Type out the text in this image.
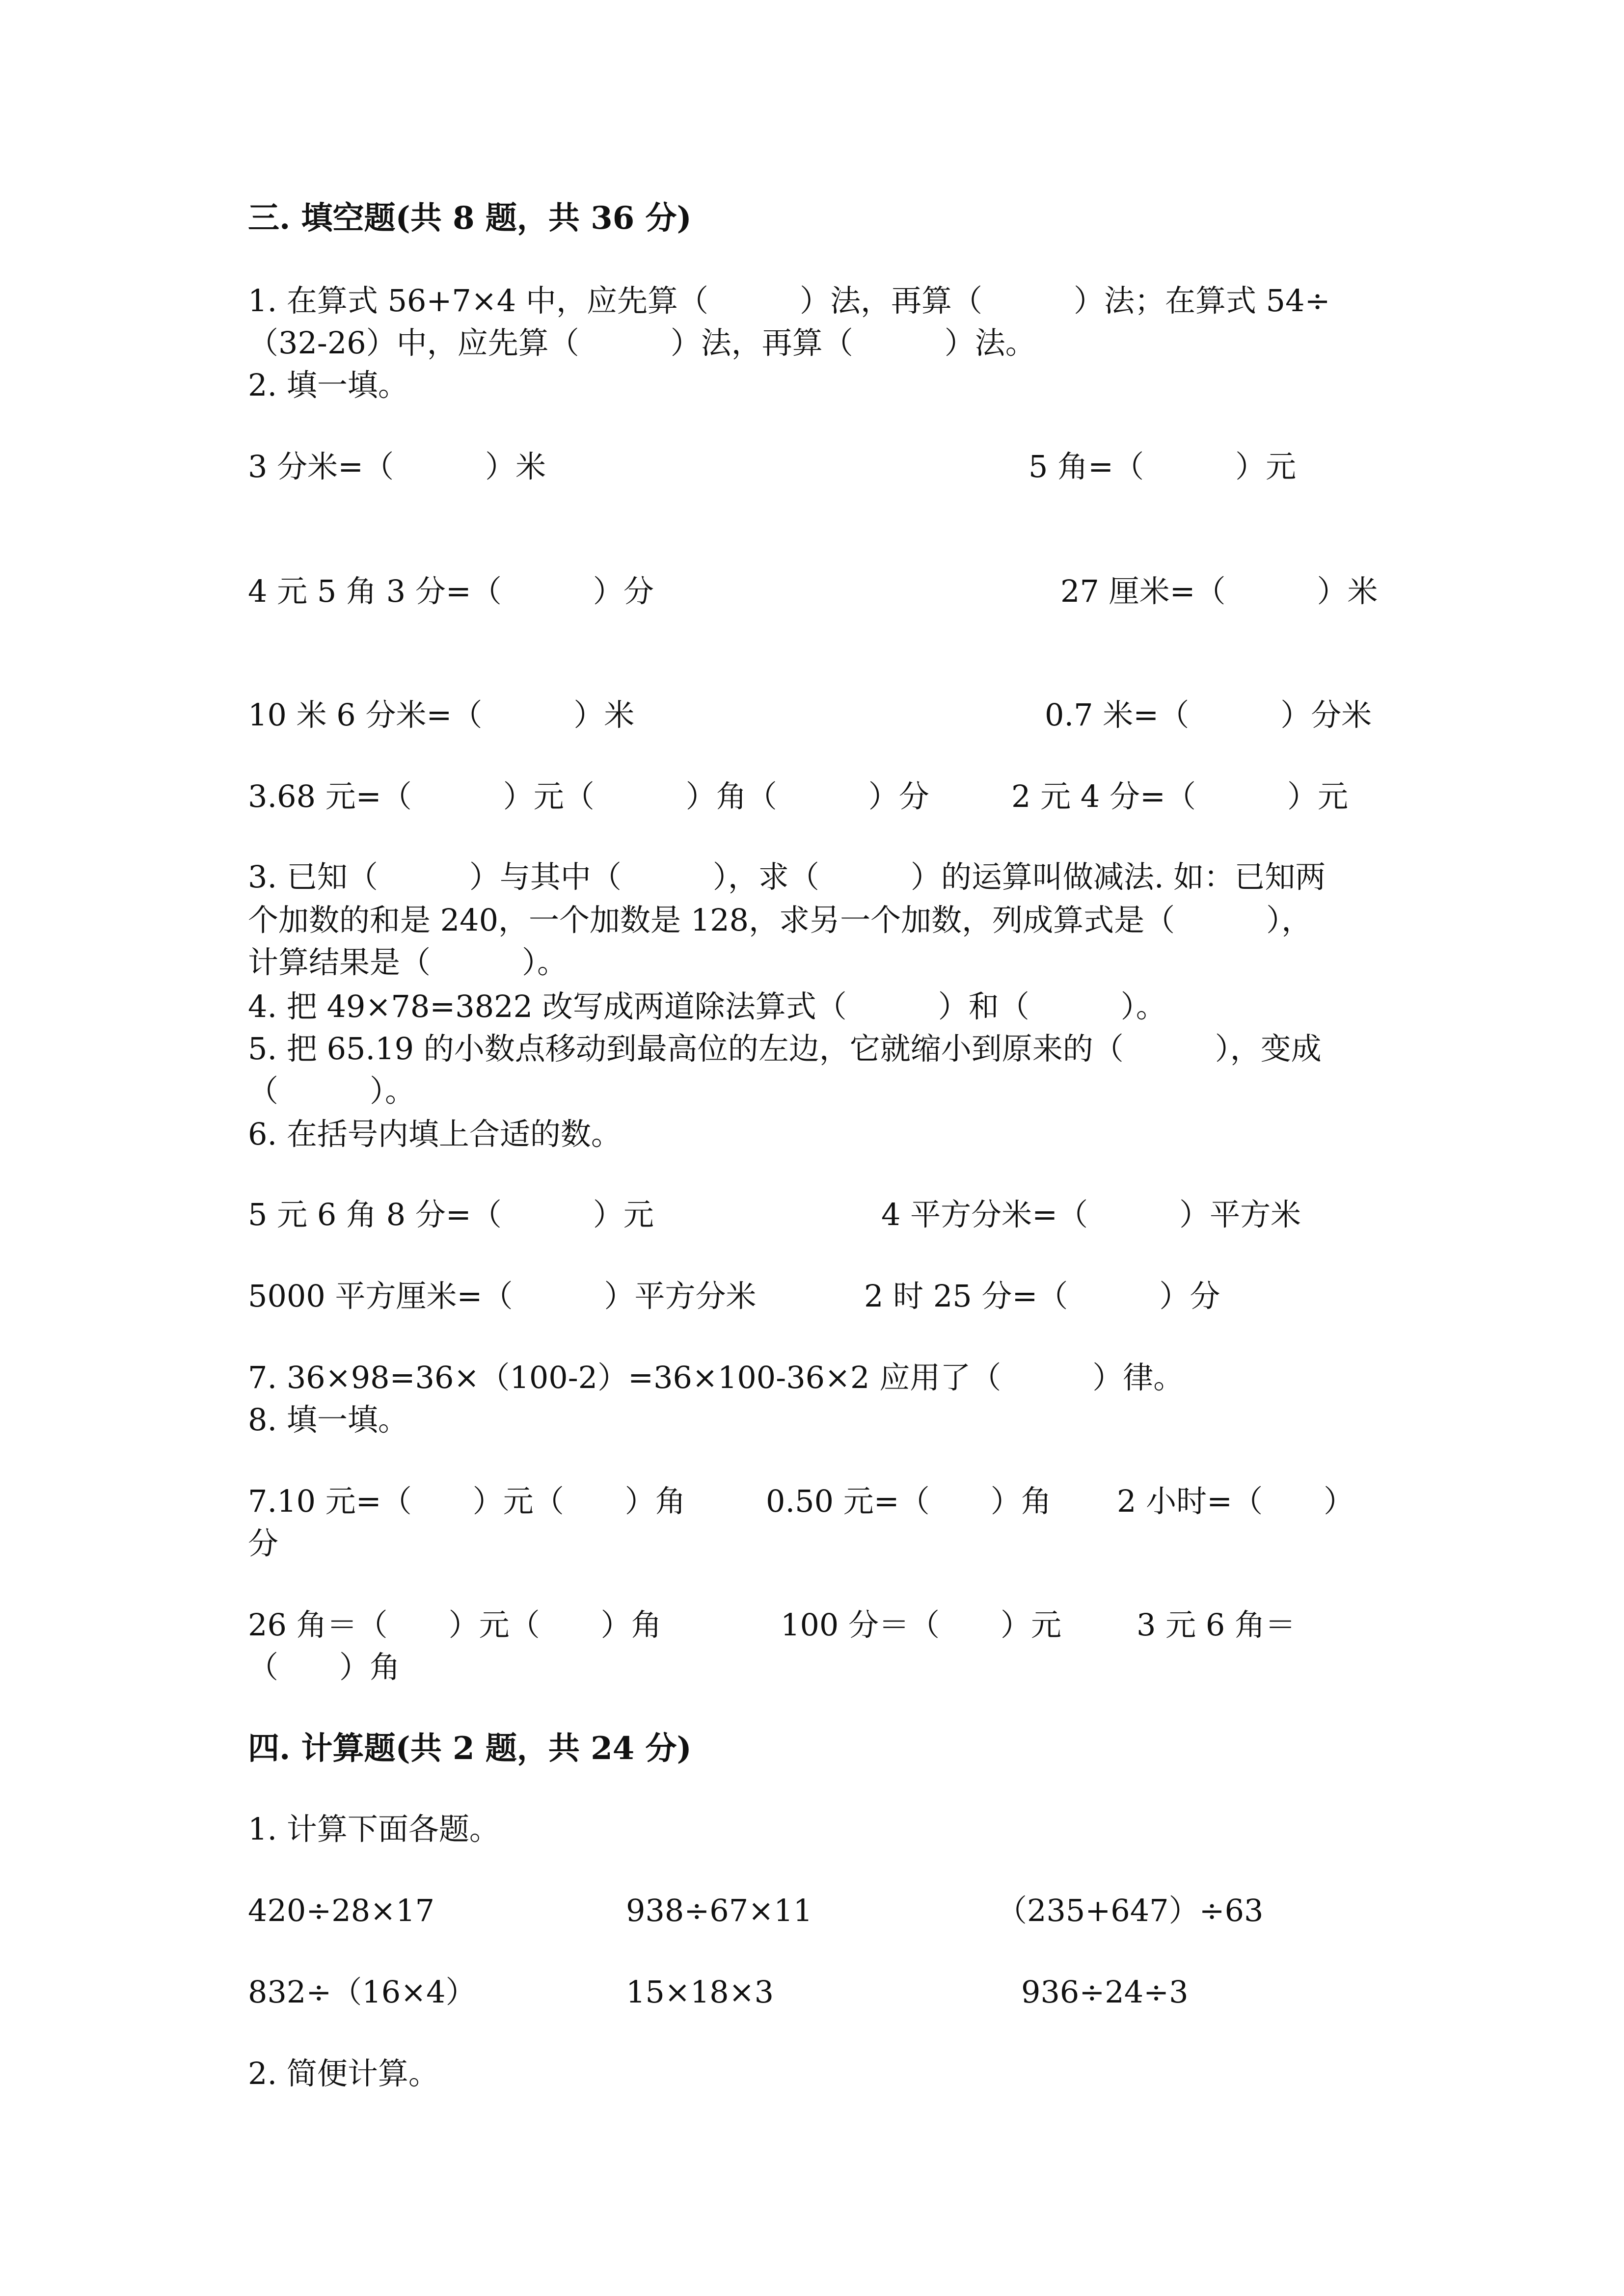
三. 填空题(共 8 题，共 36 分)
1. 在算式 56+7×4 中，应先算（　　　）法，再算（　　　）法；在算式 54÷
（32-26）中，应先算（　　　）法，再算（　　　）法。
2. 填一填。
3 分米=（　　　）米	5 角=（　　　）元
4 元 5 角 3 分=（　　　）分	27 厘米=（　　　）米
10 米 6 分米=（　　　）米	0.7 米=（　　　）分米
3.68 元=（　　　）元（　　　）角（　　　）分	2 元 4 分=（　　　）元
3. 已知（　　　）与其中（　　　），求（　　　）的运算叫做减法. 如：已知两
个加数的和是 240，一个加数是 128，求另一个加数，列成算式是（　　　），
计算结果是（　　　）。
4. 把 49×78=3822 改写成两道除法算式（　　　）和（　　　）。
5. 把 65.19 的小数点移动到最高位的左边，它就缩小到原来的（　　　），变成
（　　　）。
6. 在括号内填上合适的数。
5 元 6 角 8 分=（　　　）元	4 平方分米=（　　　）平方米
5000 平方厘米=（　　　）平方分米	2 时 25 分=（　　　）分
7. 36×98=36×（100-2）=36×100-36×2 应用了（　　　）律。
8. 填一填。
7.10 元=（　　）元（　　）角	0.50 元=（　　）角 2 小时=（　　）
分
26 角＝（　　）元（　　）角	100 分＝（　　）元 3 元 6 角＝
（　　）角
四. 计算题(共 2 题，共 24 分)
1. 计算下面各题。
420÷28×17	938÷67×11	（235+647）÷63
832÷（16×4）	15×18×3	936÷24÷3
2. 简便计算。
